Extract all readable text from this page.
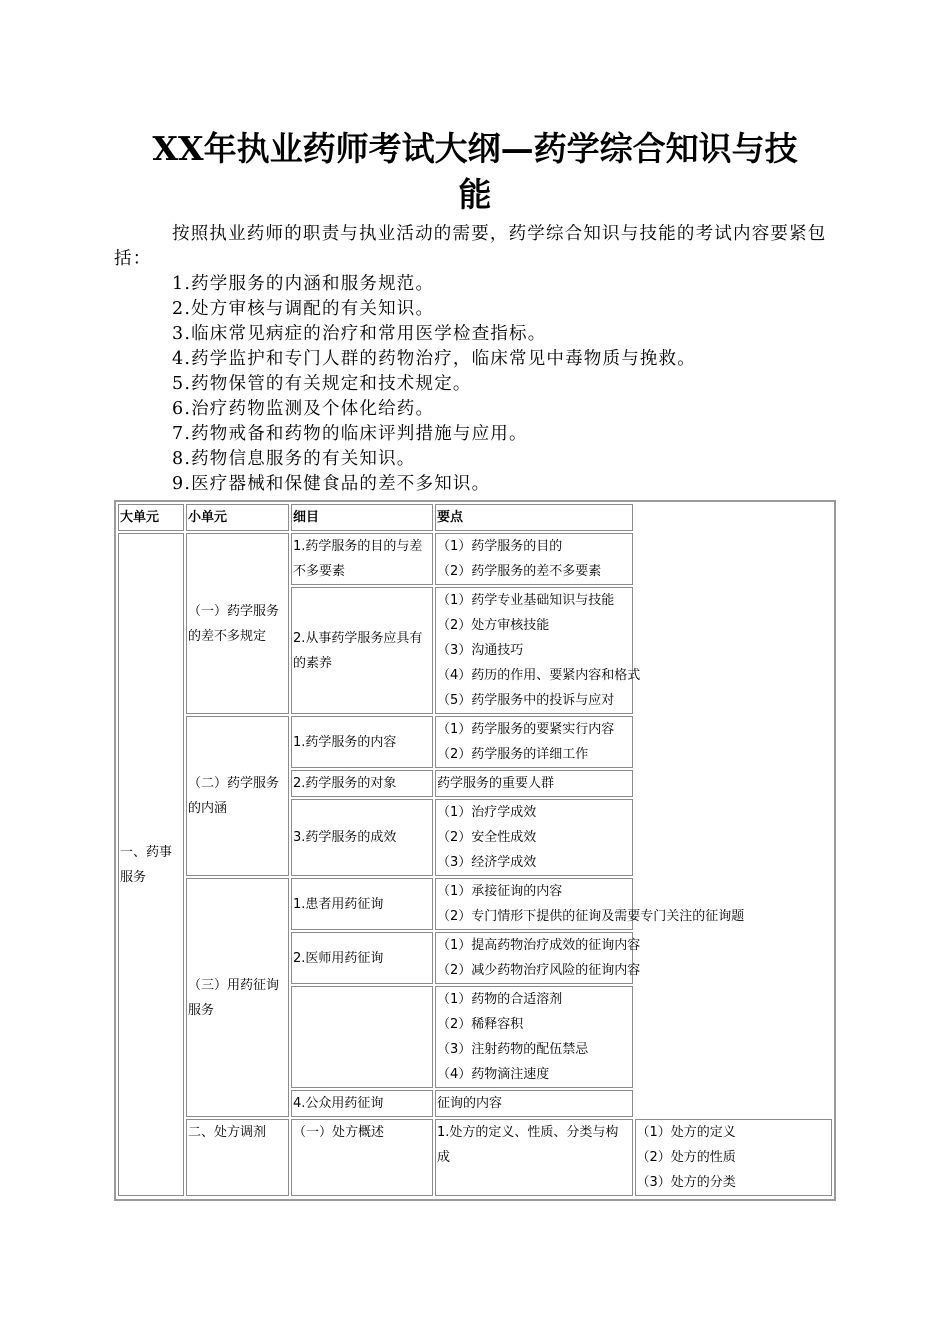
XX年执业药师考试大纲—药学综合知识与技
能

按照执业药师的职责与执业活动的需要，药学综合知识与技能的考试内容要紧包括：

1.药学服务的内涵和服务规范。
2.处方审核与调配的有关知识。
3.临床常见病症的治疗和常用医学检查指标。
4.药学监护和专门人群的药物治疗，临床常见中毒物质与挽救。
5.药物保管的有关规定和技术规定。
6.治疗药物监测及个体化给药。
7.药物戒备和药物的临床评判措施与应用。
8.药物信息服务的有关知识。
9.医疗器械和保健食品的差不多知识。
大单元	小单元	细目	要点	
一、药事服务	（一）药学服务的差不多规定	1.药学服务的目的与差不多要素	（1）药学服务的目的
（2）药学服务的差不多要素	

		2.从事药学服务应具有的素养	（1）药学专业基础知识与技能
（2）处方审核技能
（3）沟通技巧
（4）药历的作用、要紧内容和格式
（5）药学服务中的投诉与应对	

	（二）药学服务的内涵	1.药学服务的内容	（1）药学服务的要紧实行内容
（2）药学服务的详细工作	

		2.药学服务的对象	药学服务的重要人群	

		3.药学服务的成效	（1）治疗学成效
（2）安全性成效
（3）经济学成效	

	（三）用药征询服务	1.患者用药征询	（1）承接征询的内容
（2）专门情形下提供的征询及需要专门关注的征询题	

		2.医师用药征询	（1）提高药物治疗成效的征询内容
（2）减少药物治疗风险的征询内容	

			（1）药物的合适溶剂
（2）稀释容积
（3）注射药物的配伍禁忌
（4）药物滴注速度	

		4.公众用药征询	征询的内容	

	二、处方调剂	（一）处方概述	1.处方的定义、性质、分类与构成	（1）处方的定义
（2）处方的性质
（3）处方的分类
